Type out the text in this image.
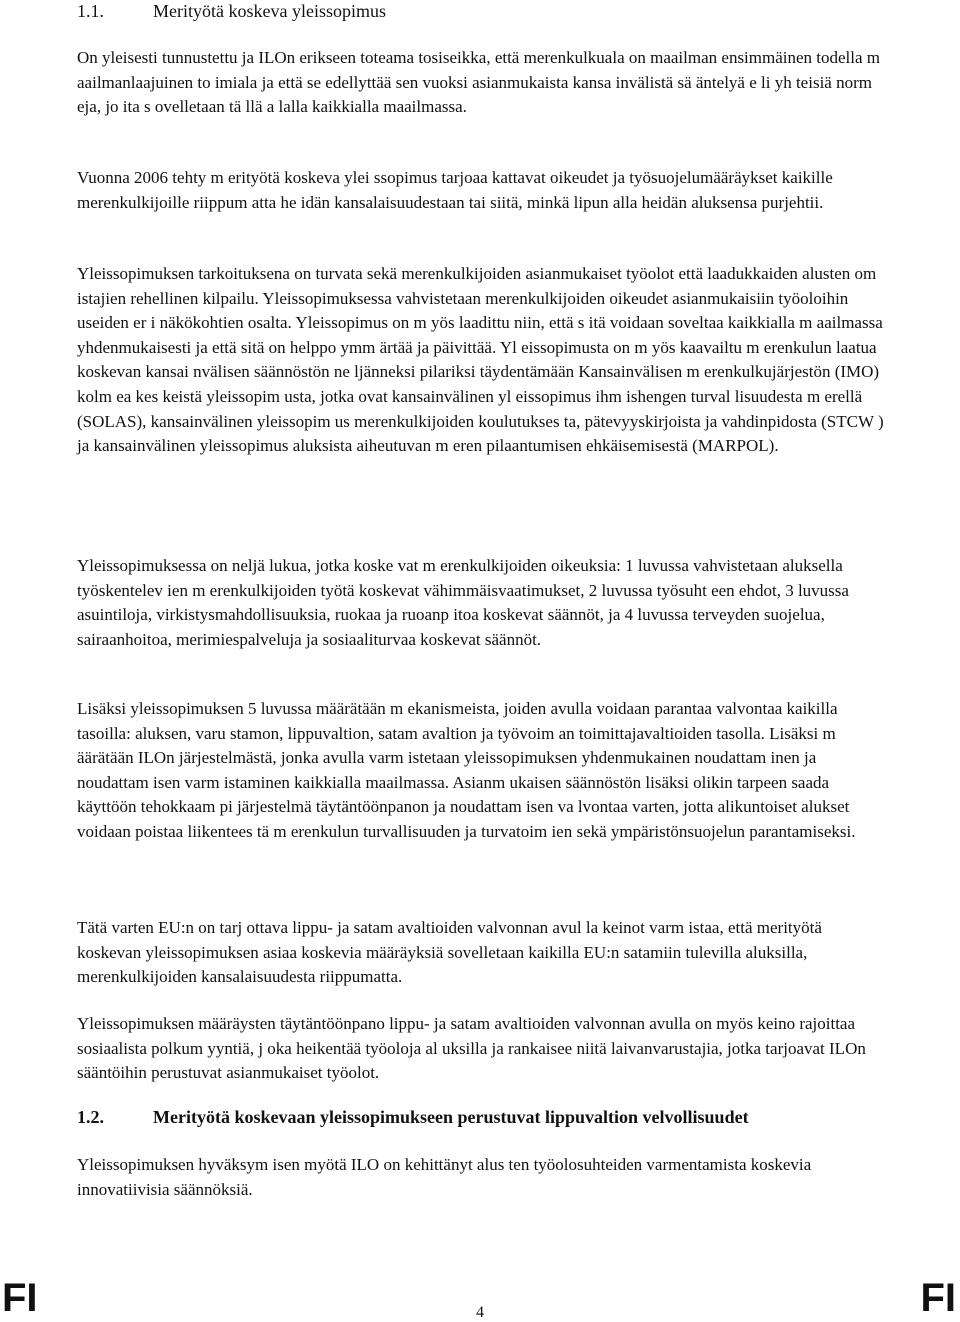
1.1.	Merityötä koskeva yleissopimus

On yleisesti tunnustettu ja ILOn erikseen toteama tosiseikka, että merenkulkuala on maailman ensimmäinen todella m aailmanlaajuinen to imiala ja että se edellyttää sen vuoksi asianmukaista kansa invälistä sä äntelyä e li yh teisiä norm eja, jo ita s ovelletaan tä llä a lalla kaikkialla maailmassa.

Vuonna 2006 tehty m erityötä koskeva ylei ssopimus tarjoaa kattavat oikeudet ja työsuojelumääräykset kaikille merenkulkijoille riippum atta he idän kansalaisuudestaan tai siitä, minkä lipun alla heidän aluksensa purjehtii.

Yleissopimuksen tarkoituksena on turvata sekä merenkulkijoiden asianmukaiset työolot että laadukkaiden alusten om istajien rehellinen kilpailu. Yleissopimuksessa vahvistetaan merenkulkijoiden oikeudet asianmukaisiin työoloihin useiden er i näkökohtien osalta. Yleissopimus on m yös laadittu niin, että s itä voidaan soveltaa kaikkialla m aailmassa yhdenmukaisesti ja että sitä on helppo ymm ärtää ja päivittää. Yl eissopimusta on m yös kaavailtu m erenkulun laatua koskevan kansai nvälisen säännöstön ne ljänneksi pilariksi täydentämään Kansainvälisen m erenkulkujärjestön (IMO) kolm ea kes keistä yleissopim usta, jotka ovat kansainvälinen yl eissopimus ihm ishengen turval lisuudesta m erellä (SOLAS), kansainvälinen yleissopim us merenkulkijoiden koulutukses ta, pätevyyskirjoista ja vahdinpidosta (STCW ) ja kansainvälinen yleissopimus aluksista aiheutuvan m eren pilaantumisen ehkäisemisestä (MARPOL).

Yleissopimuksessa on neljä lukua, jotka koske vat m erenkulkijoiden oikeuksia: 1 luvussa vahvistetaan aluksella työskentelev ien m erenkulkijoiden työtä koskevat vähimmäisvaatimukset, 2 luvussa työsuht een ehdot, 3 luvussa asuintiloja, virkistysmahdollisuuksia, ruokaa ja ruoanp itoa koskevat säännöt, ja 4 luvussa terveyden suojelua, sairaanhoitoa, merimiespalveluja ja sosiaaliturvaa koskevat säännöt.

Lisäksi yleissopimuksen 5 luvussa määrätään m ekanismeista, joiden avulla voidaan parantaa valvontaa kaikilla tasoilla: aluksen, varu stamon, lippuvaltion, satam avaltion ja työvoim an toimittajavaltioiden tasolla. Lisäksi m äärätään ILOn järjestelmästä, jonka avulla varm istetaan yleissopimuksen yhdenmukainen noudattam inen ja noudattam isen varm istaminen kaikkialla maailmassa. Asianm ukaisen säännöstön lisäksi olikin tarpeen saada käyttöön tehokkaam pi järjestelmä täytäntöönpanon ja noudattam isen va lvontaa varten, jotta alikuntoiset alukset voidaan poistaa liikentees tä m erenkulun turvallisuuden ja turvatoim ien sekä ympäristönsuojelun parantamiseksi.

Tätä varten EU:n on tarj ottava lippu- ja satam avaltioiden valvonnan avul la keinot varm istaa, että merityötä koskevan yleissopimuksen asiaa koskevia määräyksiä sovelletaan kaikilla EU:n satamiin tulevilla aluksilla, merenkulkijoiden kansalaisuudesta riippumatta.

Yleissopimuksen määräysten täytäntöönpano lippu- ja satam avaltioiden valvonnan avulla on myös keino rajoittaa sosiaalista polkum yyntiä, j oka heikentää työoloja al uksilla ja rankaisee niitä laivanvarustajia, jotka tarjoavat ILOn sääntöihin perustuvat asianmukaiset työolot.

1.2.	Merityötä koskevaan yleissopimukseen perustuvat lippuvaltion velvollisuudet

Yleissopimuksen hyväksym isen myötä ILO on kehittänyt alus ten työolosuhteiden varmentamista koskevia innovatiivisia säännöksiä.

FI	4	FI
